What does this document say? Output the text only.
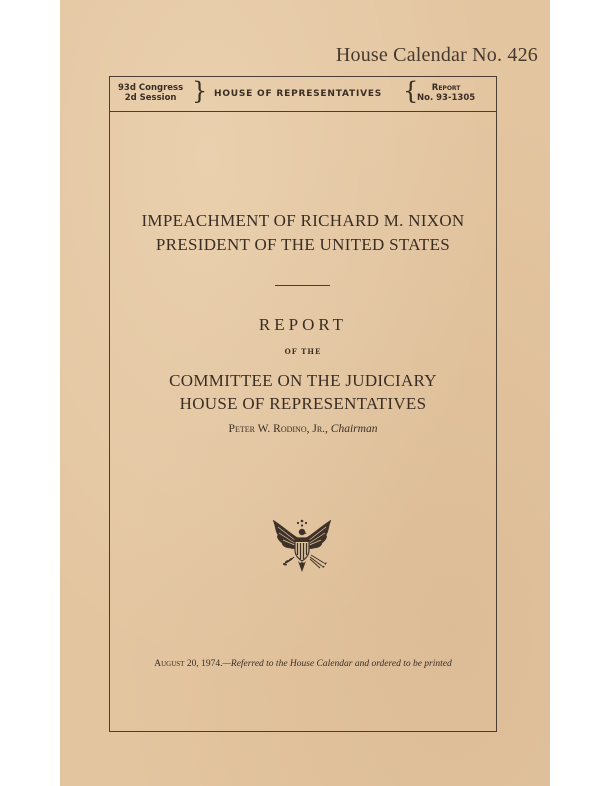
House Calendar No. 426
93d Congress
2d Session } HOUSE OF REPRESENTATIVES {	Report
No. 93-1305
IMPEACHMENT OF RICHARD M. NIXON
PRESIDENT OF THE UNITED STATES
REPORT
OF THE
COMMITTEE ON THE JUDICIARY
HOUSE OF REPRESENTATIVES
Peter W. Rodino, Jr., Chairman
August 20, 1974.—Referred to the House Calendar and ordered to be printed
